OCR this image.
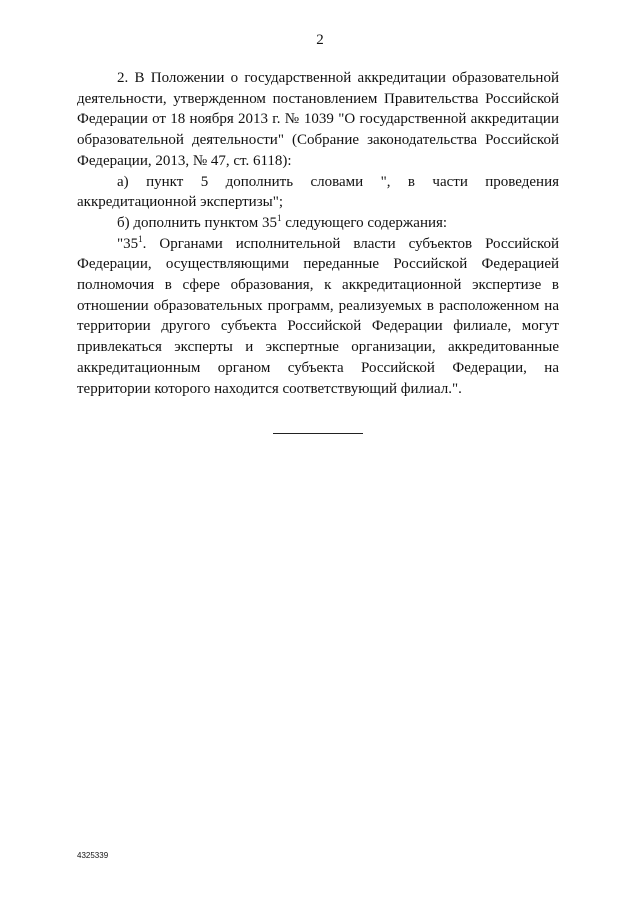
2

2. В Положении о государственной аккредитации образовательной деятельности, утвержденном постановлением Правительства Российской Федерации от 18 ноября 2013 г. № 1039 "О государственной аккредитации образовательной деятельности" (Собрание законодательства Российской Федерации, 2013, № 47, ст. 6118):

а) пункт 5 дополнить словами ", в части проведения

аккредитационной экспертизы";

б) дополнить пунктом $35^1$ следующего содержания:

"$35^1$. Органами исполнительной власти субъектов Российской Федерации, осуществляющими переданные Российской Федерацией полномочия в сфере образования, к аккредитационной экспертизе в отношении образовательных программ, реализуемых в расположенном на территории другого субъекта Российской Федерации филиале, могут привлекаться эксперты и экспертные организации, аккредитованные аккредитационным органом субъекта Российской Федерации, на территории которого находится соответствующий филиал.".

4325339
